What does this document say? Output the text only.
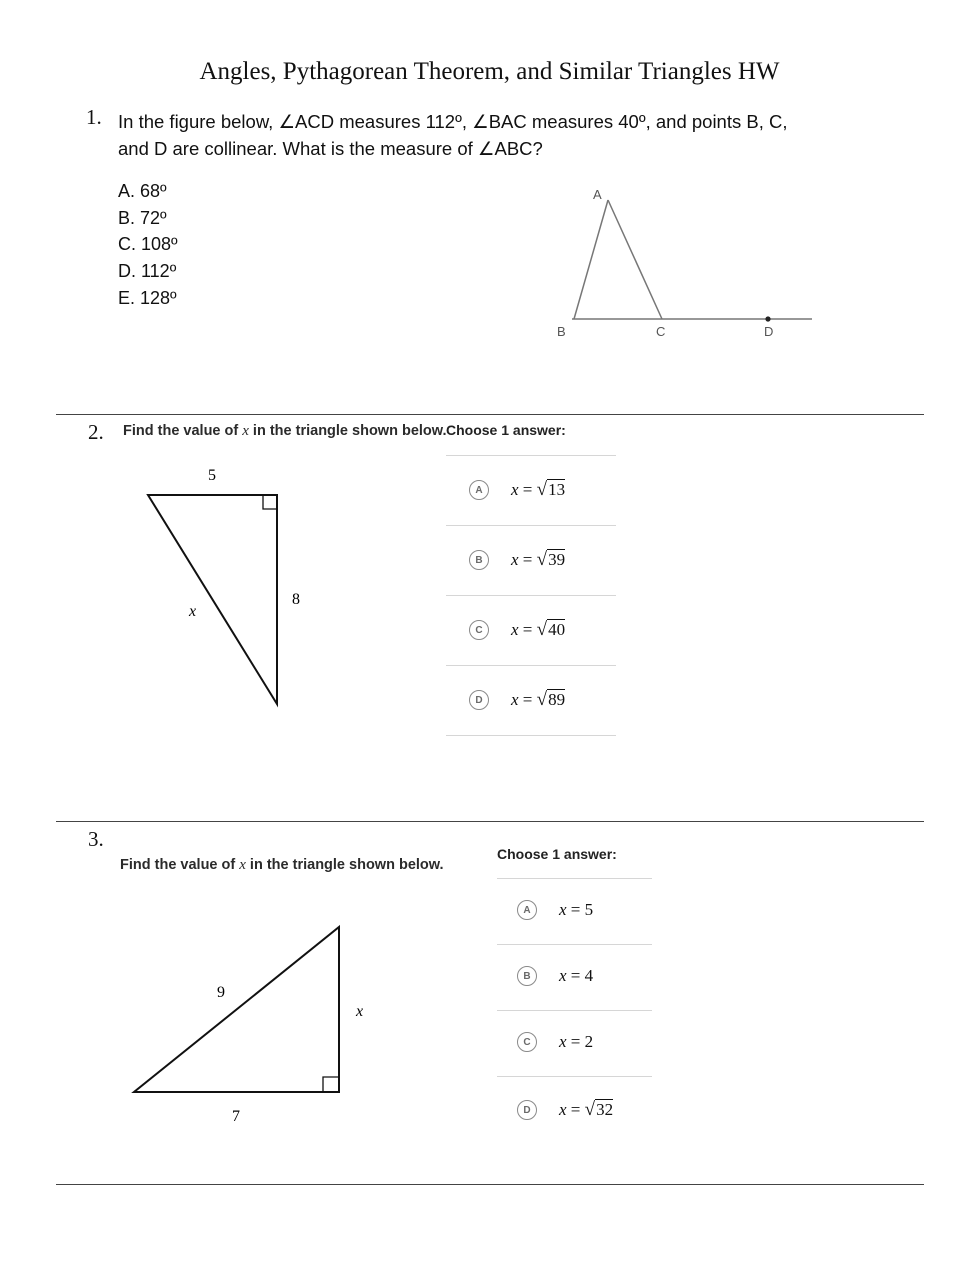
Angles, Pythagorean Theorem, and Similar Triangles HW
1. In the figure below, ∠ACD measures 112º, ∠BAC measures 40º, and points B, C,
and D are collinear. What is the measure of ∠ABC?
A. 68º
B. 72º
C. 108º
D. 112º
E. 128º
A
B	C	D
2. Find the value of x in the triangle shown below. Choose 1 answer:
5
8
x
A	x = √13
B	x = √39
C	x = √40
D	x = √89
3.
Find the value of x in the triangle shown below.
Choose 1 answer:
9
7
x
A	x = 5
B	x = 4
C	x = 2
D	x = √32
